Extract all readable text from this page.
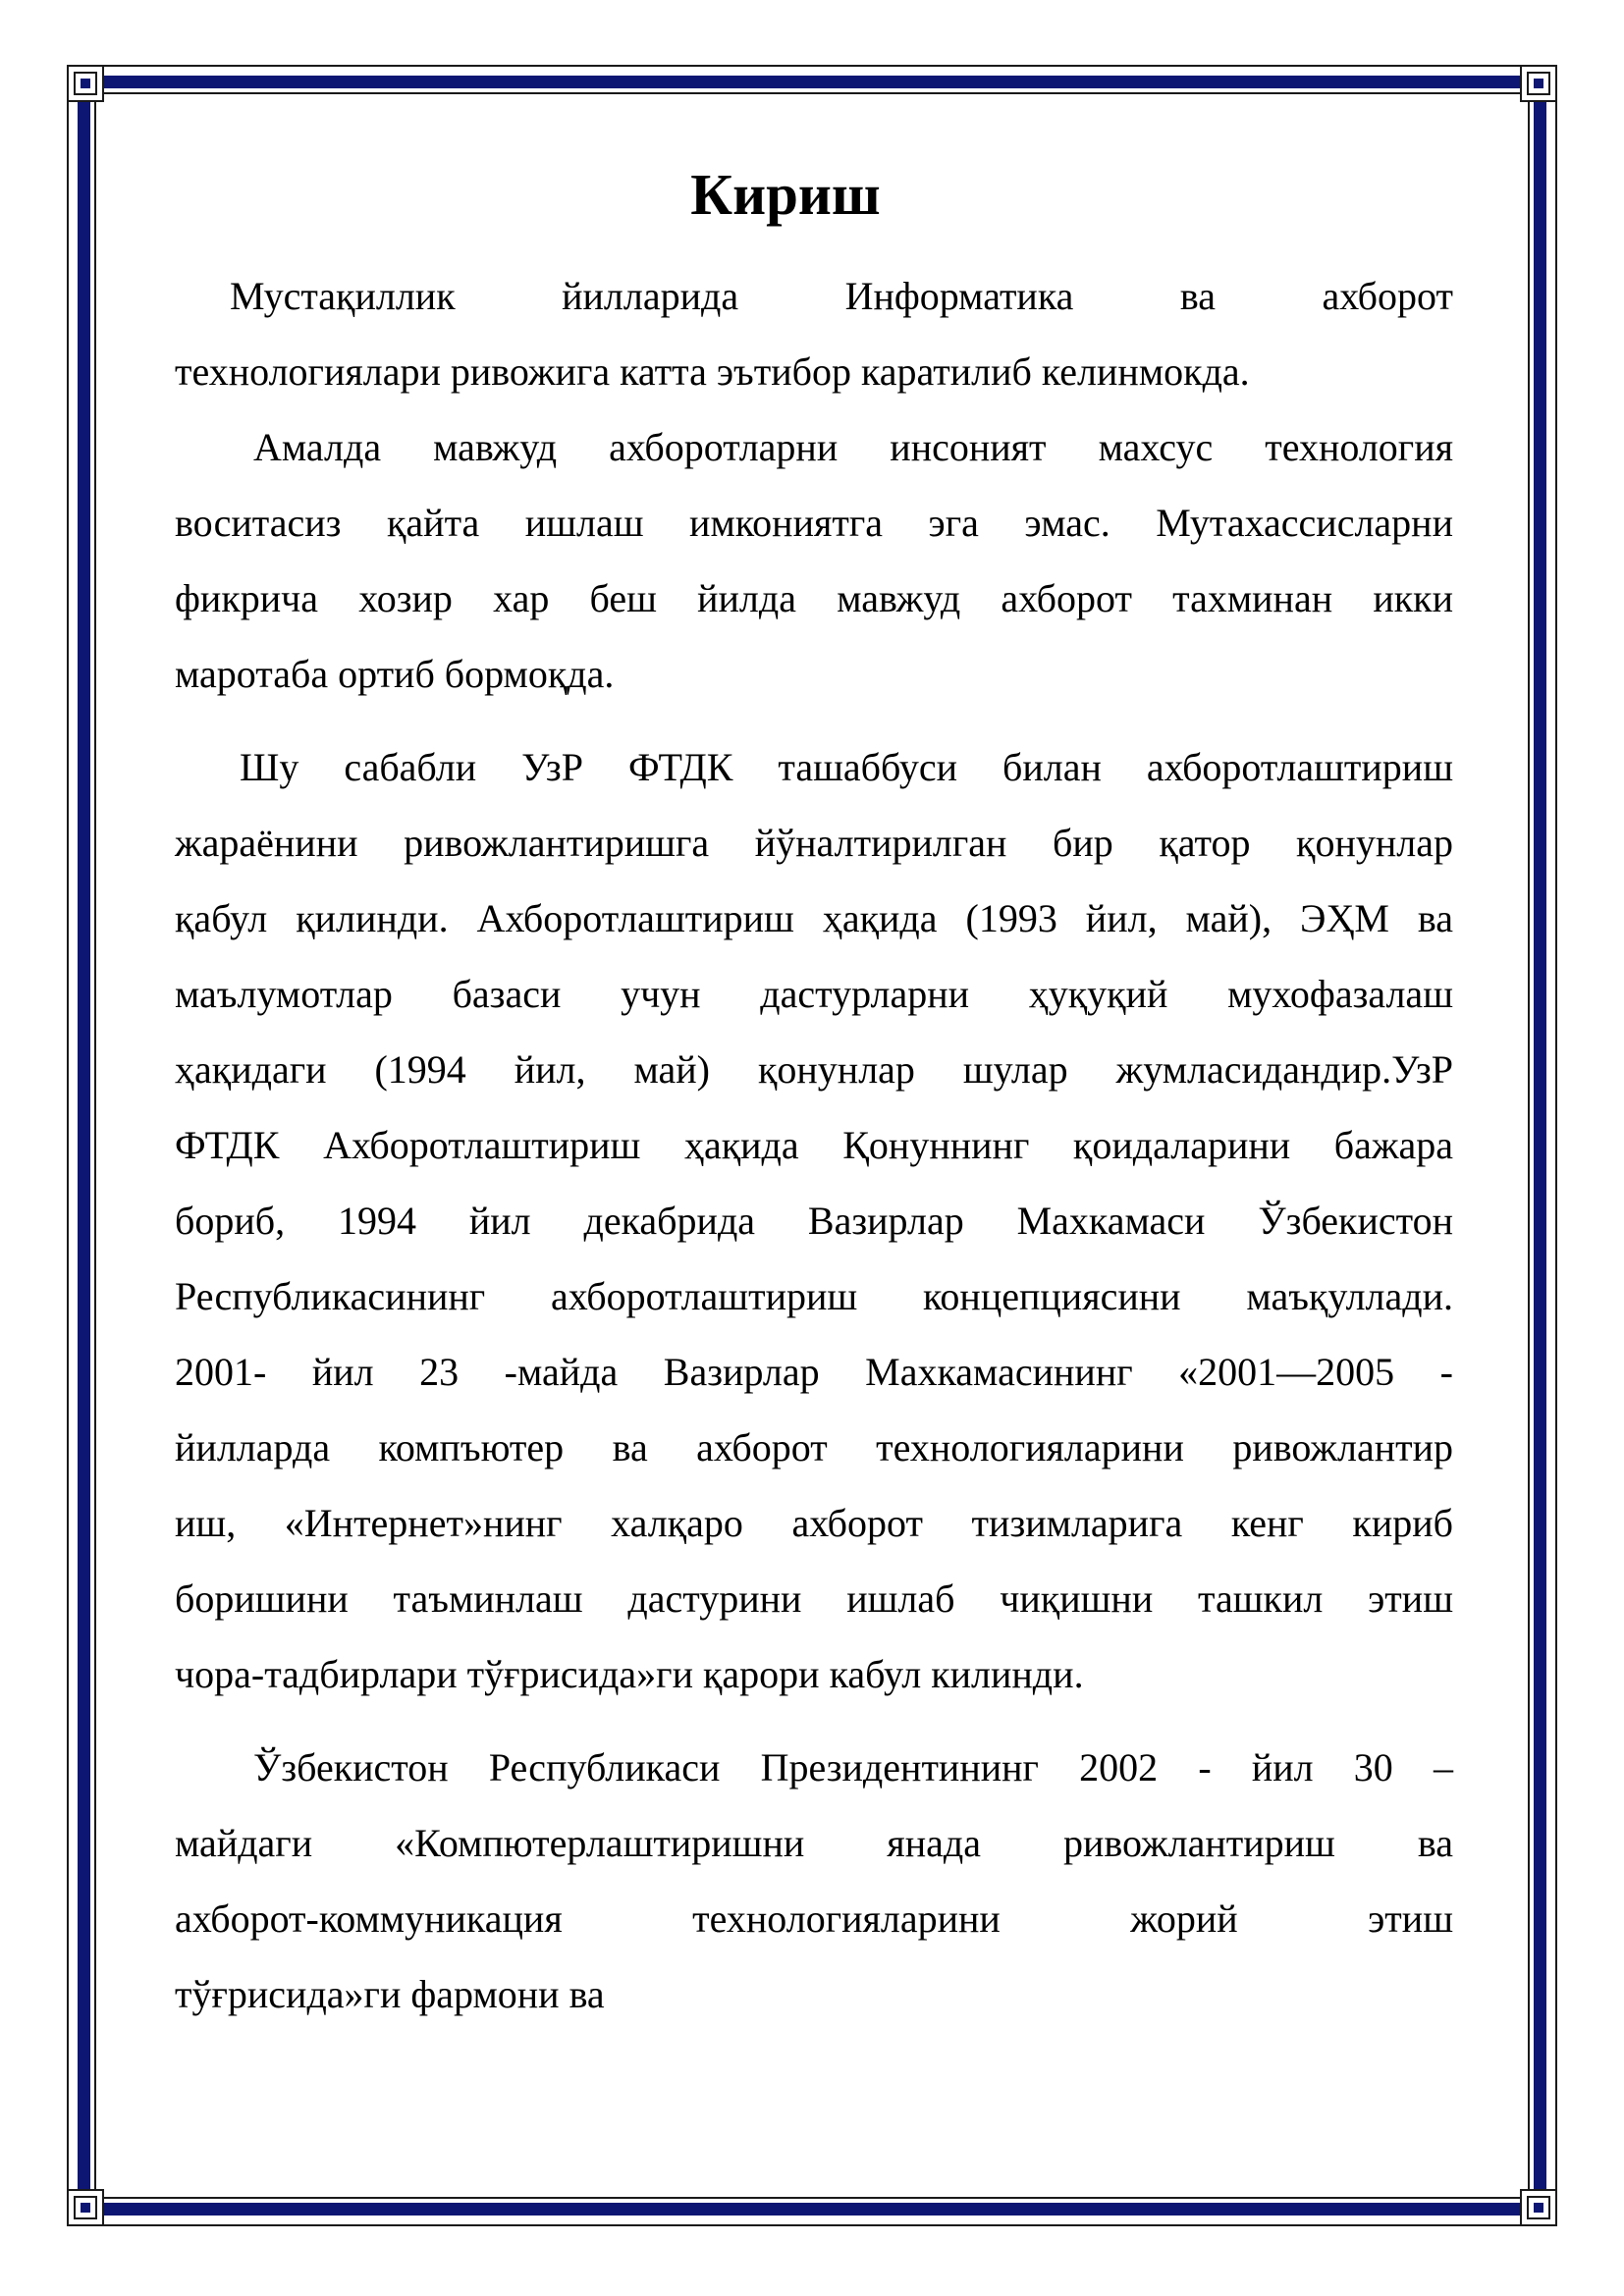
Кириш

Мустақиллик йилларида Информатика ва ахборот
технологиялари ривожига катта эътибор каратилиб келинмокда.

Амалда мавжуд ахборотларни инсоният махсус технология
воситасиз қайта ишлаш имкониятга эга эмас. Мутахассисларни
фикрича хозир хар беш йилда мавжуд ахборот тахминан икки
маротаба ортиб бормоқда.

Шу сабабли УзР ФТДК ташаббуси билан ахборотлаштириш
жараёнини ривожлантиришга йўналтирилган бир қатор қонунлар
қабул қилинди. Ахборотлаштириш ҳақида (1993 йил, май), ЭҲМ ва
маълумотлар базаси учун дастурларни ҳуқуқий мухофазалаш
ҳақидаги (1994 йил, май) қонунлар шулар жумласидандир.УзР
ФТДК Ахборотлаштириш ҳақида Қонуннинг қоидаларини бажара
бориб, 1994 йил декабрида Вазирлар Махкамаси Ўзбекистон
Республикасининг ахборотлаштириш концепциясини маъқуллади.
2001- йил 23 -майда Вазирлар Махкамасининг «2001—2005 -
йилларда компъютер ва ахборот технологияларини ривожлантир
иш, «Интернет»нинг халқаро ахборот тизимларига кенг кириб
боришини таъминлаш дастурини ишлаб чиқишни ташкил этиш
чора-тадбирлари тўғрисида»ги қарори кабул килинди.

Ўзбекистон Республикаси Президентининг 2002 - йил 30 –
майдаги «Компютерлаштиришни янада ривожлантириш ва
ахборот-коммуникация технологияларини жорий этиш
тўғрисида»ги фармони ва
